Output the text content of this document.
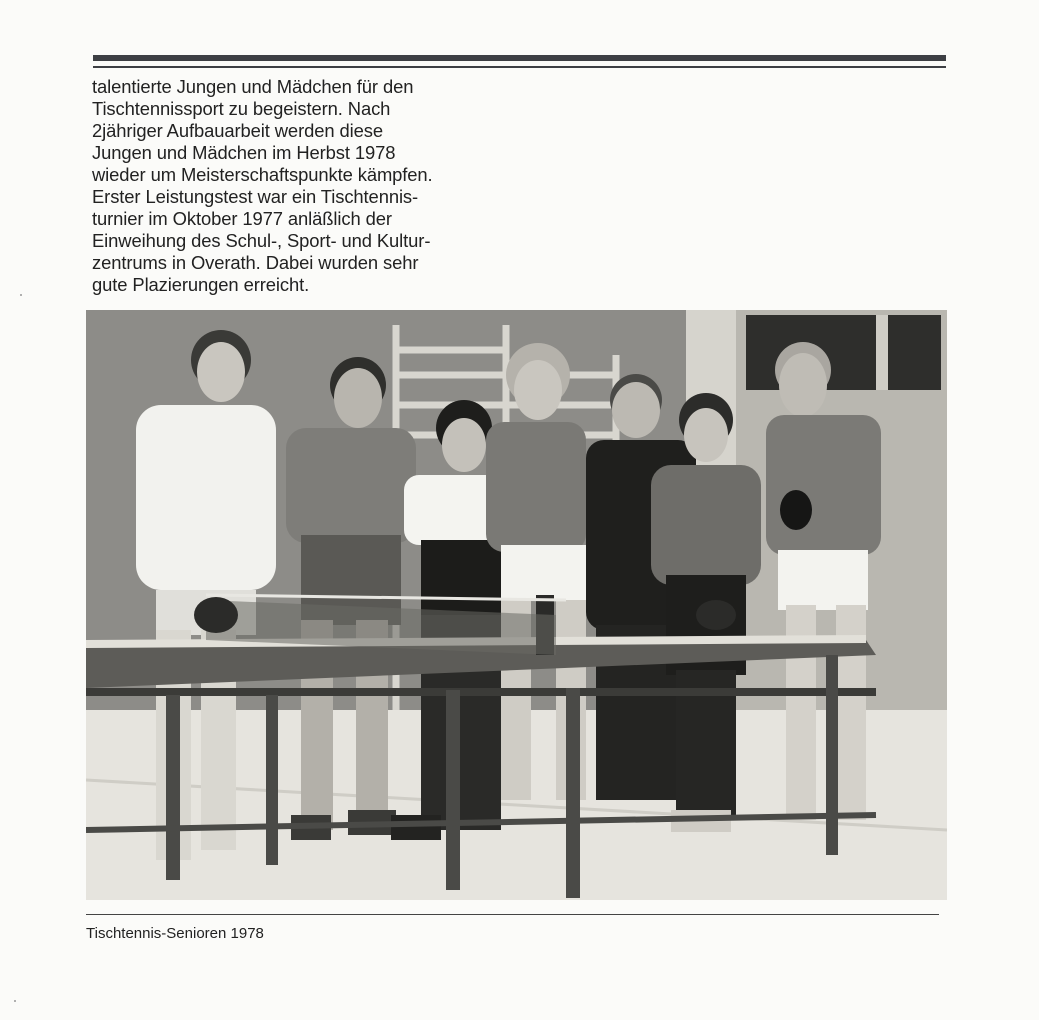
talentierte Jungen und Mädchen für den
Tischtennissport zu begeistern. Nach
2jähriger Aufbauarbeit werden diese
Jungen und Mädchen im Herbst 1978
wieder um Meisterschaftspunkte kämpfen.
Erster Leistungstest war ein Tischtennis-
turnier im Oktober 1977 anläßlich der
Einweihung des Schul-, Sport- und Kultur-
zentrums in Overath. Dabei wurden sehr
gute Plazierungen erreicht.
Tischtennis-Senioren 1978
